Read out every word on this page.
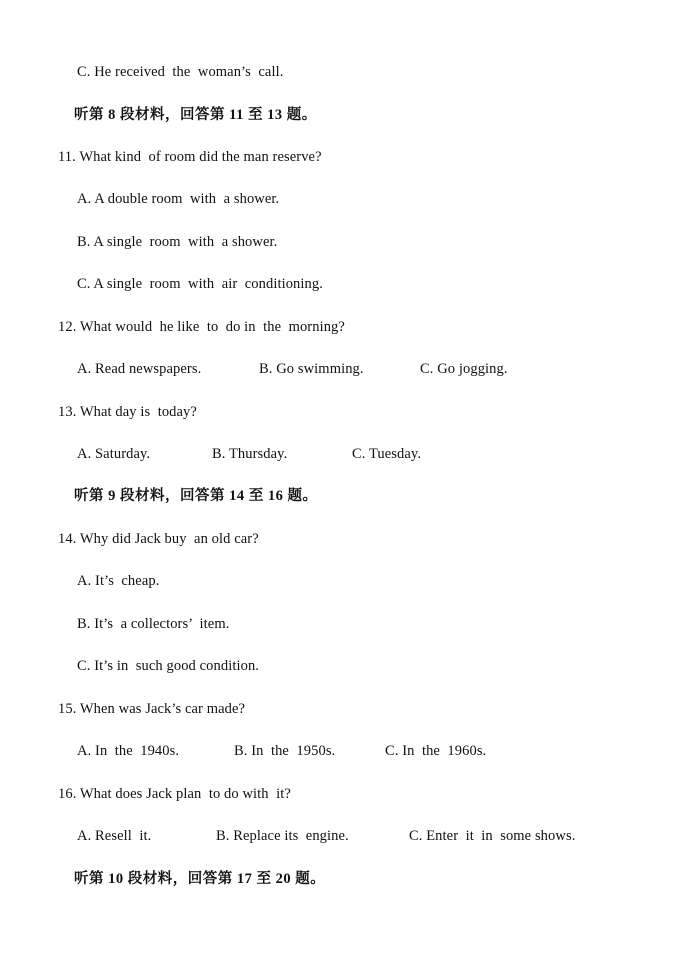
C. He received  the  woman’s  call.
听第 8 段材料，回答第 11 至 13 题。
11. What kind  of room did the man reserve?
A. A double room  with  a shower.
B. A single  room  with  a shower.
C. A single  room  with  air  conditioning.
12. What would  he like  to  do in  the  morning?
A. Read newspapers.	B. Go swimming.	C. Go jogging.
13. What day is  today?
A. Saturday.	B. Thursday.	C. Tuesday.
听第 9 段材料，回答第 14 至 16 题。
14. Why did Jack buy  an old car?
A. It’s  cheap.
B. It’s  a collectors’  item.
C. It’s in  such good condition.
15. When was Jack’s car made?
A. In  the  1940s.	B. In  the  1950s.	C. In  the  1960s.
16. What does Jack plan  to do with  it?
A. Resell  it.	B. Replace its  engine.	C. Enter  it  in  some shows.
听第 10 段材料，回答第 17 至 20 题。
